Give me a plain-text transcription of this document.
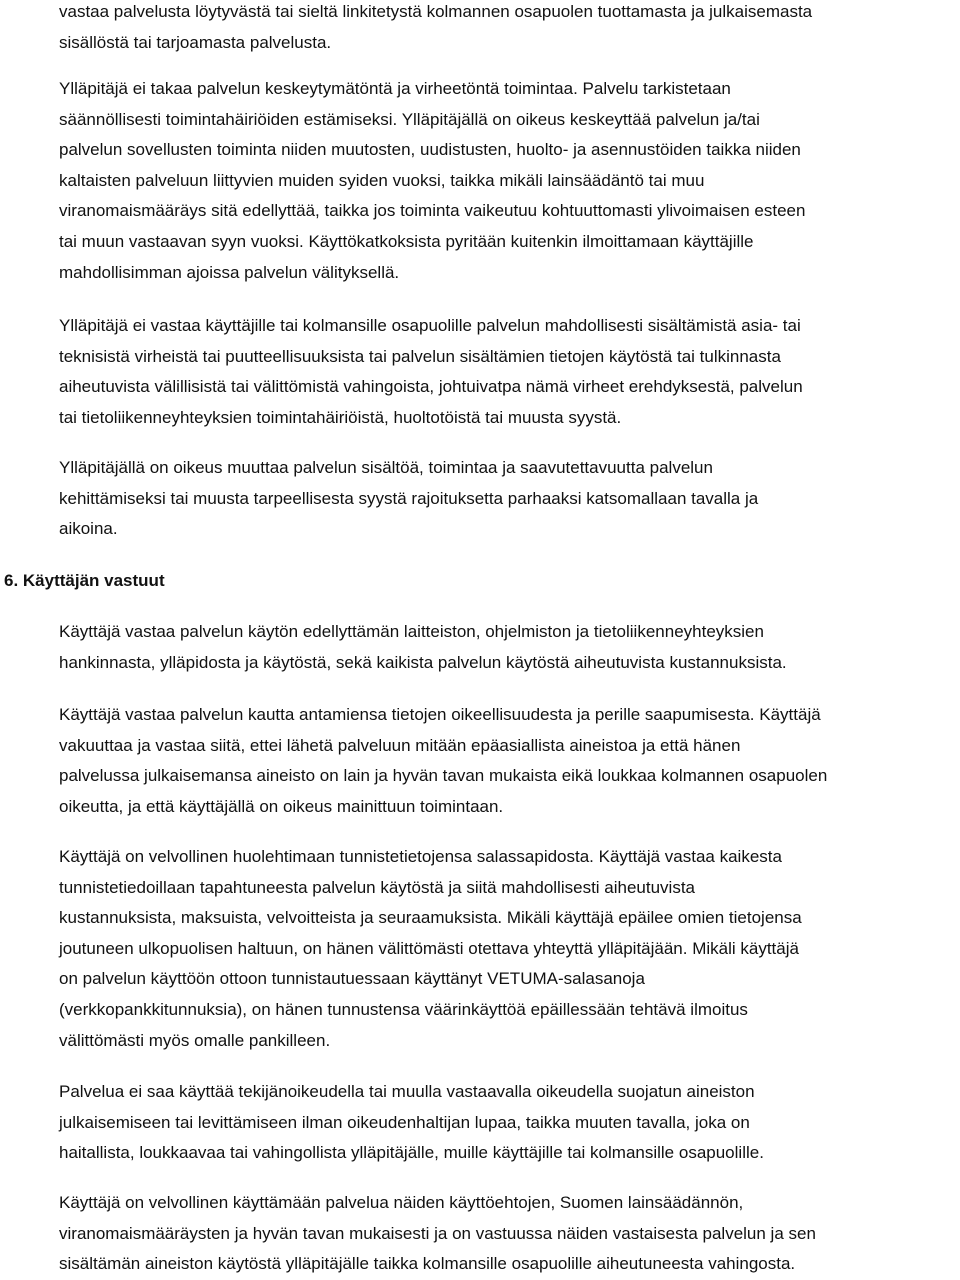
vastaa palvelusta löytyvästä tai sieltä linkitetystä kolmannen osapuolen tuottamasta ja julkaisemasta
sisällöstä tai tarjoamasta palvelusta.
Ylläpitäjä ei takaa palvelun keskeytymätöntä ja virheetöntä toimintaa. Palvelu tarkistetaan
säännöllisesti toimintahäiriöiden estämiseksi. Ylläpitäjällä on oikeus keskeyttää palvelun ja/tai
palvelun sovellusten toiminta niiden muutosten, uudistusten, huolto- ja asennustöiden taikka niiden
kaltaisten palveluun liittyvien muiden syiden vuoksi, taikka mikäli lainsäädäntö tai muu
viranomaismääräys sitä edellyttää, taikka jos toiminta vaikeutuu kohtuuttomasti ylivoimaisen esteen
tai muun vastaavan syyn vuoksi. Käyttökatkoksista pyritään kuitenkin ilmoittamaan käyttäjille
mahdollisimman ajoissa palvelun välityksellä.
Ylläpitäjä ei vastaa käyttäjille tai kolmansille osapuolille palvelun mahdollisesti sisältämistä asia- tai
teknisistä virheistä tai puutteellisuuksista tai palvelun sisältämien tietojen käytöstä tai tulkinnasta
aiheutuvista välillisistä tai välittömistä vahingoista, johtuivatpa nämä virheet erehdyksestä, palvelun
tai tietoliikenneyhteyksien toimintahäiriöistä, huoltotöistä tai muusta syystä.
Ylläpitäjällä on oikeus muuttaa palvelun sisältöä, toimintaa ja saavutettavuutta palvelun
kehittämiseksi tai muusta tarpeellisesta syystä rajoituksetta parhaaksi katsomallaan tavalla ja
aikoina.
6. Käyttäjän vastuut
Käyttäjä vastaa palvelun käytön edellyttämän laitteiston, ohjelmiston ja tietoliikenneyhteyksien
hankinnasta, ylläpidosta ja käytöstä, sekä kaikista palvelun käytöstä aiheutuvista kustannuksista.
Käyttäjä vastaa palvelun kautta antamiensa tietojen oikeellisuudesta ja perille saapumisesta. Käyttäjä
vakuuttaa ja vastaa siitä, ettei lähetä palveluun mitään epäasiallista aineistoa ja että hänen
palvelussa julkaisemansa aineisto on lain ja hyvän tavan mukaista eikä loukkaa kolmannen osapuolen
oikeutta, ja että käyttäjällä on oikeus mainittuun toimintaan.
Käyttäjä on velvollinen huolehtimaan tunnistetietojensa salassapidosta. Käyttäjä vastaa kaikesta
tunnistetiedoillaan tapahtuneesta palvelun käytöstä ja siitä mahdollisesti aiheutuvista
kustannuksista, maksuista, velvoitteista ja seuraamuksista. Mikäli käyttäjä epäilee omien tietojensa
joutuneen ulkopuolisen haltuun, on hänen välittömästi otettava yhteyttä ylläpitäjään. Mikäli käyttäjä
on palvelun käyttöön ottoon tunnistautuessaan käyttänyt VETUMA-salasanoja
(verkkopankkitunnuksia), on hänen tunnustensa väärinkäyttöä epäillessään tehtävä ilmoitus
välittömästi myös omalle pankilleen.
Palvelua ei saa käyttää tekijänoikeudella tai muulla vastaavalla oikeudella suojatun aineiston
julkaisemiseen tai levittämiseen ilman oikeudenhaltijan lupaa, taikka muuten tavalla, joka on
haitallista, loukkaavaa tai vahingollista ylläpitäjälle, muille käyttäjille tai kolmansille osapuolille.
Käyttäjä on velvollinen käyttämään palvelua näiden käyttöehtojen, Suomen lainsäädännön,
viranomaismääräysten ja hyvän tavan mukaisesti ja on vastuussa näiden vastaisesta palvelun ja sen
sisältämän aineiston käytöstä ylläpitäjälle taikka kolmansille osapuolille aiheutuneesta vahingosta.
